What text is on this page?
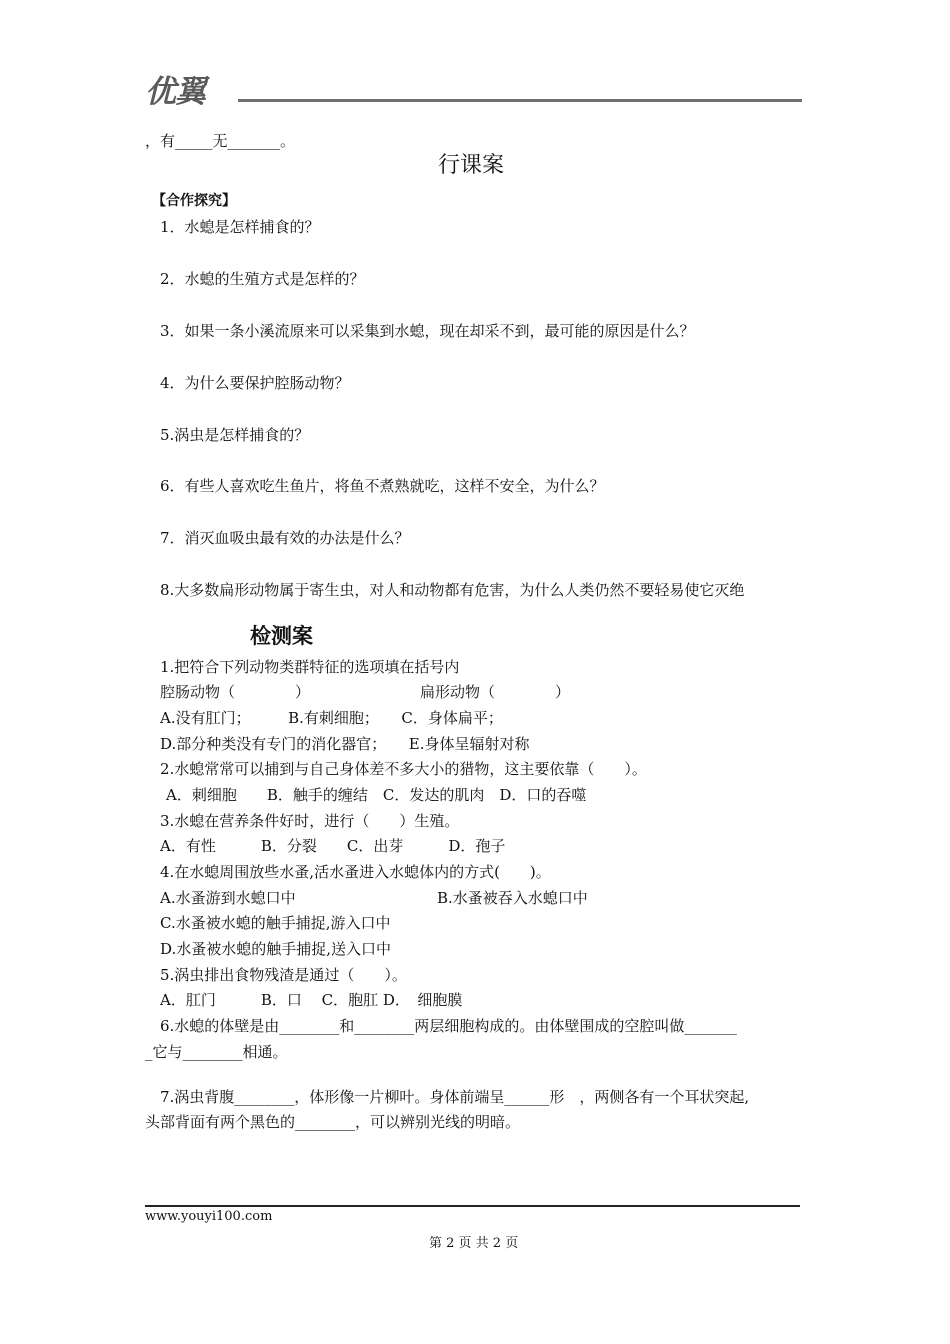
优翼
，有_____无_______。
行课案
【合作探究】
1．水螅是怎样捕食的？
2．水螅的生殖方式是怎样的？
3．如果一条小溪流原来可以采集到水螅，现在却采不到，最可能的原因是什么？
4．为什么要保护腔肠动物？
5.涡虫是怎样捕食的？
6．有些人喜欢吃生鱼片，将鱼不煮熟就吃，这样不安全，为什么？
7．消灭血吸虫最有效的办法是什么？
8.大多数扁形动物属于寄生虫，对人和动物都有危害，为什么人类仍然不要轻易使它灭绝
检测案
1.把符合下列动物类群特征的选项填在括号内
腔肠动物（　　　　）	扁形动物（　　　　）
A.没有肛门；　　　B.有刺细胞；　　C．身体扁平；
D.部分种类没有专门的消化器官；　　E.身体呈辐射对称
2.水螅常常可以捕到与自己身体差不多大小的猎物，这主要依靠（　　）。
A．刺细胞　　B．触手的缠结　C．发达的肌肉　D．口的吞噬
3.水螅在营养条件好时，进行（　　）生殖。
A．有性　　　B．分裂　　C．出芽　　　D．孢子
4.在水螅周围放些水蚤,活水蚤进入水螅体内的方式(　　)。
A.水蚤游到水螅口中	B.水蚤被吞入水螅口中
C.水蚤被水螅的触手捕捉,游入口中
D.水蚤被水螅的触手捕捉,送入口中
5.涡虫排出食物残渣是通过（　　）。
A．肛门　　　B．口　 C．胞肛 D．　细胞膜
6.水螅的体壁是由________和________两层细胞构成的。由体壁围成的空腔叫做_______
_它与________相通。
7.涡虫背腹________，体形像一片柳叶。身体前端呈______形　，两侧各有一个耳状突起,
头部背面有两个黑色的________，可以辨别光线的明暗。
www.youyi100.com
第 2 页 共 2 页
